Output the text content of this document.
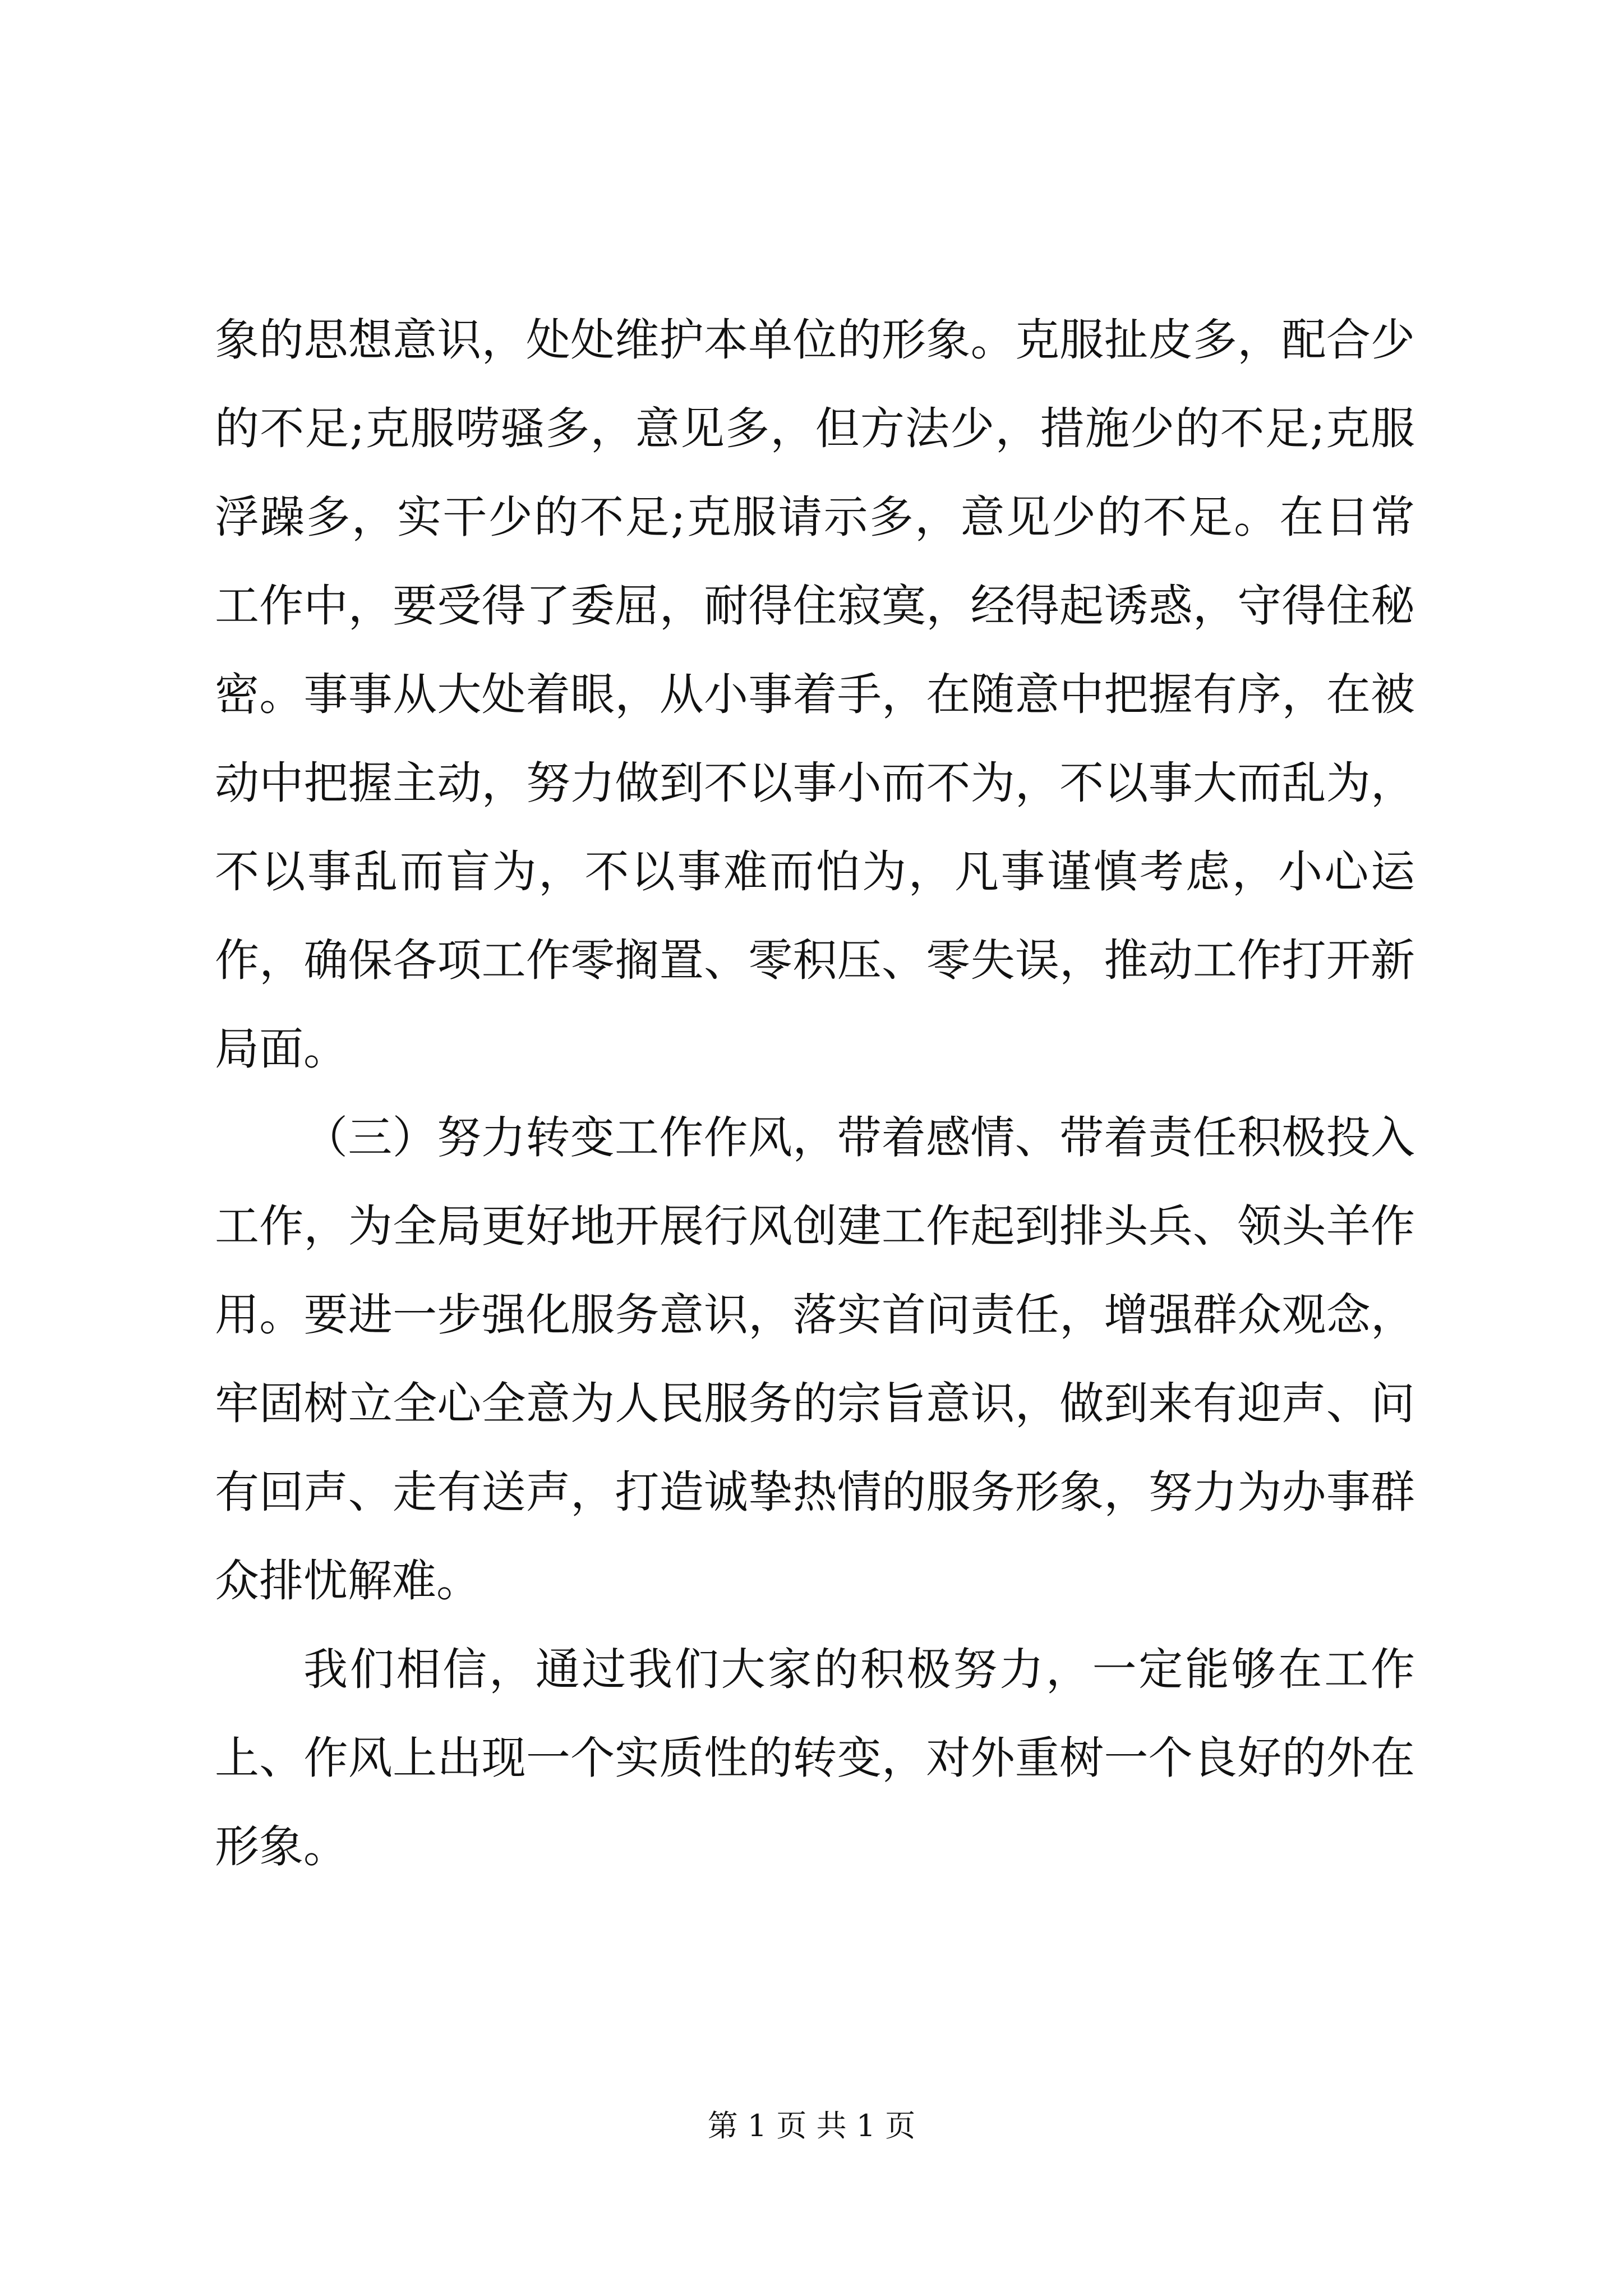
象的思想意识，处处维护本单位的形象。克服扯皮多，配合少的不足;克服唠骚多，意见多，但方法少，措施少的不足;克服浮躁多，实干少的不足;克服请示多，意见少的不足。在日常工作中，要受得了委屈，耐得住寂寞，经得起诱惑，守得住秘密。事事从大处着眼，从小事着手，在随意中把握有序，在被动中把握主动，努力做到不以事小而不为，不以事大而乱为，不以事乱而盲为，不以事难而怕为，凡事谨慎考虑，小心运作，确保各项工作零搁置、零积压、零失误，推动工作打开新局面。

（三）努力转变工作作风，带着感情、带着责任积极投入工作，为全局更好地开展行风创建工作起到排头兵、领头羊作用。要进一步强化服务意识，落实首问责任，增强群众观念，牢固树立全心全意为人民服务的宗旨意识，做到来有迎声、问有回声、走有送声，打造诚挚热情的服务形象，努力为办事群众排忧解难。

我们相信，通过我们大家的积极努力，一定能够在工作上、作风上出现一个实质性的转变，对外重树一个良好的外在形象。

第 1 页 共 1 页
